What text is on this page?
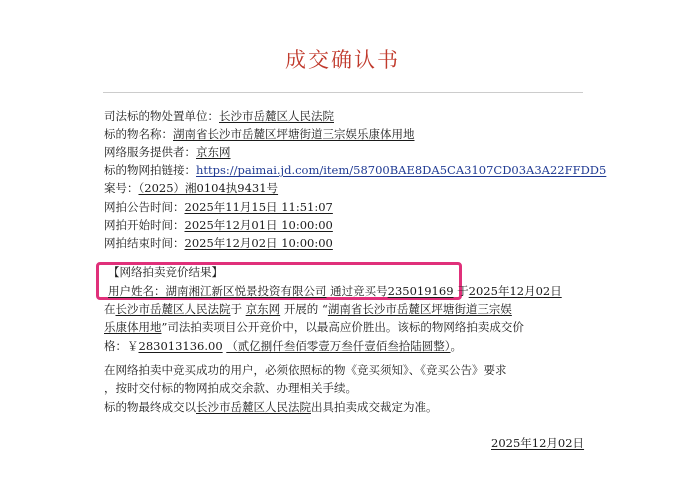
成交确认书
司法标的物处置单位：长沙市岳麓区人民法院
标的物名称：湖南省长沙市岳麓区坪塘街道三宗娱乐康体用地
网络服务提供者：京东网
标的物网拍链接：https://paimai.jd.com/item/58700BAE8DA5CA3107CD03A3A22FFDD5
案号：（2025）湘0104执9431号
网拍公告时间：2025年11月15日 11:51:07
网拍开始时间：2025年12月01日 10:00:00
网拍结束时间：2025年12月02日 10:00:00
【网络拍卖竞价结果】
用户姓名：湖南湘江新区悦景投资有限公司 通过竞买号235019169 于2025年12月02日
在长沙市岳麓区人民法院于 京东网 开展的 “湖南省长沙市岳麓区坪塘街道三宗娱
乐康体用地”司法拍卖项目公开竞价中，以最高应价胜出。该标的物网络拍卖成交价
格：￥283013136.00 （贰亿捌仟叁佰零壹万叁仟壹佰叁拾陆圆整）。
在网络拍卖中竞买成功的用户，必须依照标的物《竞买须知》、《竞买公告》要求
，按时交付标的物网拍成交余款、办理相关手续。
标的物最终成交以长沙市岳麓区人民法院出具拍卖成交裁定为准。
2025年12月02日
